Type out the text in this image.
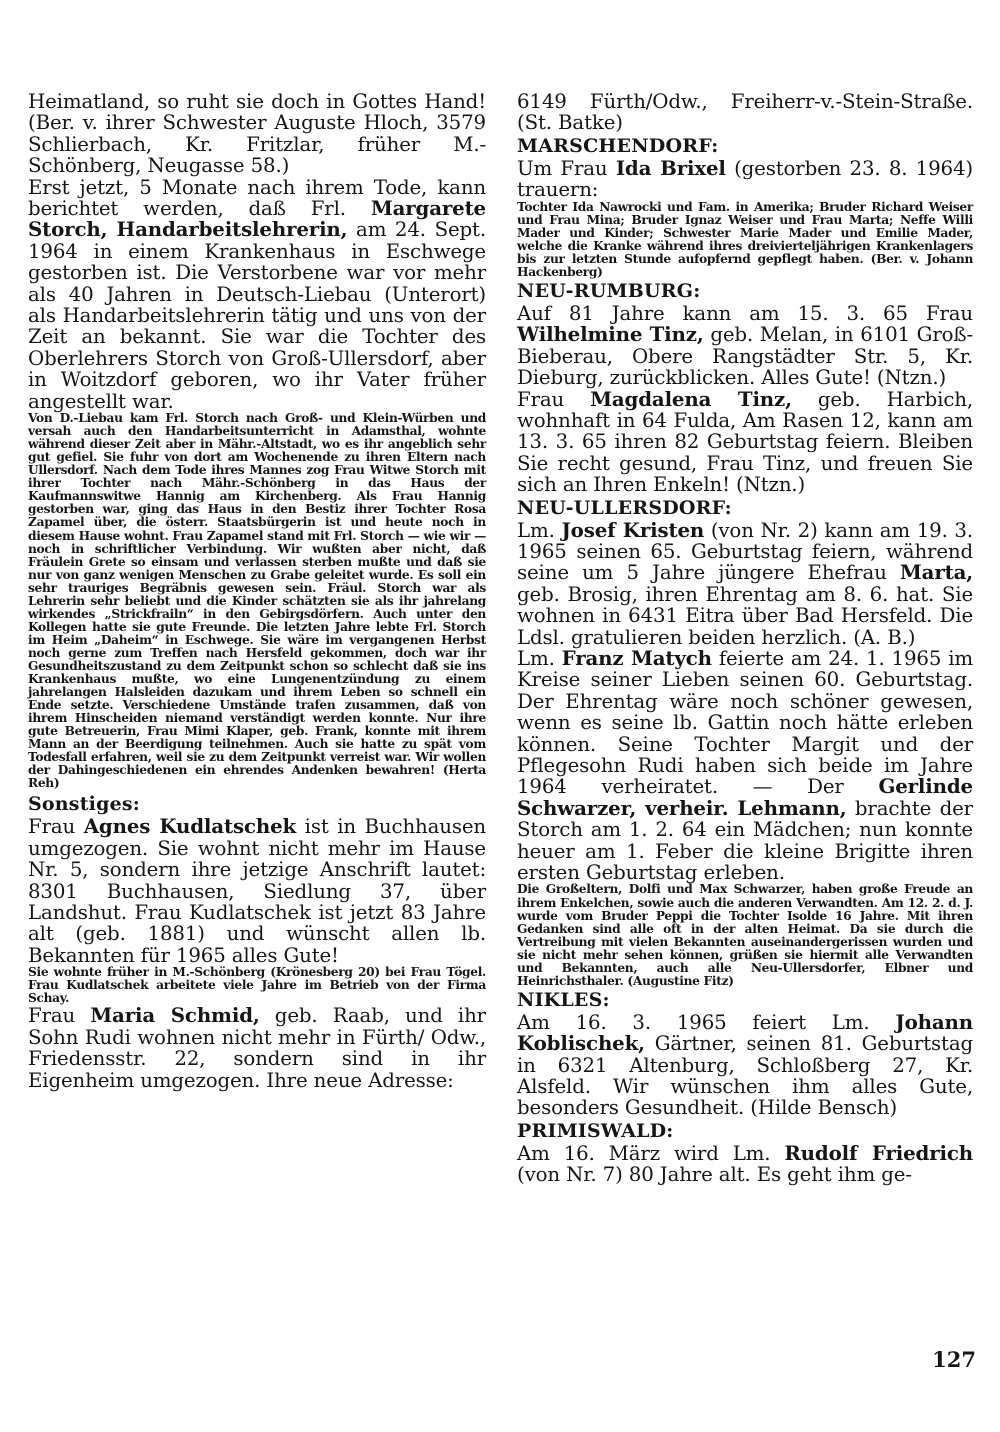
Heimatland, so ruht sie doch in Gottes Hand! (Ber. v. ihrer Schwester Auguste Hloch, 3579 Schlierbach, Kr. Fritzlar, früher M.-Schönberg, Neugasse 58.)

Erst jetzt, 5 Monate nach ihrem Tode, kann berichtet werden, daß Frl. Margarete Storch, Handarbeitslehrerin, am 24. Sept. 1964 in einem Krankenhaus in Eschwege gestorben ist. Die Verstorbene war vor mehr als 40 Jahren in Deutsch-Liebau (Unterort) als Handarbeitslehrerin tätig und uns von der Zeit an bekannt. Sie war die Tochter des Oberlehrers Storch von Groß-Ullersdorf, aber in Woitzdorf geboren, wo ihr Vater früher angestellt war.

Von D.-Liebau kam Frl. Storch nach Groß- und Klein-Würben und versah auch den Handarbeitsunterricht in Adamsthal, wohnte während dieser Zeit aber in Mähr.-Altstadt, wo es ihr angeblich sehr gut gefiel. Sie fuhr von dort am Wochenende zu ihren Eltern nach Ullersdorf. Nach dem Tode ihres Mannes zog Frau Witwe Storch mit ihrer Tochter nach Mähr.-Schönberg in das Haus der Kaufmannswitwe Hannig am Kirchenberg. Als Frau Hannig gestorben war, ging das Haus in den Bestiz ihrer Tochter Rosa Zapamel über, die österr. Staatsbürgerin ist und heute noch in diesem Hause wohnt. Frau Zapamel stand mit Frl. Storch — wie wir — noch in schriftlicher Verbindung. Wir wußten aber nicht, daß Fräulein Grete so einsam und verlassen sterben mußte und daß sie nur von ganz wenigen Menschen zu Grabe geleitet wurde. Es soll ein sehr trauriges Begräbnis gewesen sein. Fräul. Storch war als Lehrerin sehr beliebt und die Kinder schätzten sie als ihr jahrelang wirkendes „Strickfrailn“ in den Gebirgsdörfern. Auch unter den Kollegen hatte sie gute Freunde. Die letzten Jahre lebte Frl. Storch im Heim „Daheim“ in Eschwege. Sie wäre im vergangenen Herbst noch gerne zum Treffen nach Hersfeld gekommen, doch war ihr Gesundheitszustand zu dem Zeitpunkt schon so schlecht daß sie ins Krankenhaus mußte, wo eine Lungenentzündung zu einem jahrelangen Halsleiden dazukam und ihrem Leben so schnell ein Ende setzte. Verschiedene Umstände trafen zusammen, daß von ihrem Hinscheiden niemand verständigt werden konnte. Nur ihre gute Betreuerin, Frau Mimi Klaper, geb. Frank, konnte mit ihrem Mann an der Beerdigung teilnehmen. Auch sie hatte zu spät vom Todesfall erfahren, weil sie zu dem Zeitpunkt verreist war. Wir wollen der Dahingeschiedenen ein ehrendes Andenken bewahren! (Herta Reh)

Sonstiges:

Frau Agnes Kudlatschek ist in Buchhausen umgezogen. Sie wohnt nicht mehr im Hause Nr. 5, sondern ihre jetzige Anschrift lautet: 8301 Buchhausen, Siedlung 37, über Landshut. Frau Kudlatschek ist jetzt 83 Jahre alt (geb. 1881) und wünscht allen lb. Bekannten für 1965 alles Gute!

Sie wohnte früher in M.-Schönberg (Krönesberg 20) bei Frau Tögel. Frau Kudlatschek arbeitete viele Jahre im Betrieb von der Firma Schay.

Frau Maria Schmid, geb. Raab, und ihr Sohn Rudi wohnen nicht mehr in Fürth/ Odw., Friedensstr. 22, sondern sind in ihr Eigenheim umgezogen. Ihre neue Adresse:

6149 Fürth/Odw., Freiherr-v.-Stein-Straße. (St. Batke)

MARSCHENDORF:

Um Frau Ida Brixel (gestorben 23. 8. 1964) trauern:

Tochter Ida Nawrocki und Fam. in Amerika; Bruder Richard Weiser und Frau Mina; Bruder Ignaz Weiser und Frau Marta; Neffe Willi Mader und Kinder; Schwester Marie Mader und Emilie Mader, welche die Kranke während ihres dreivierteljährigen Krankenlagers bis zur letzten Stunde aufopfernd gepflegt haben. (Ber. v. Johann Hackenberg)

NEU-RUMBURG:

Auf 81 Jahre kann am 15. 3. 65 Frau Wilhelmine Tinz, geb. Melan, in 6101 Groß-Bieberau, Obere Rangstädter Str. 5, Kr. Dieburg, zurückblicken. Alles Gute! (Ntzn.)

Frau Magdalena Tinz, geb. Harbich, wohnhaft in 64 Fulda, Am Rasen 12, kann am 13. 3. 65 ihren 82 Geburtstag feiern. Bleiben Sie recht gesund, Frau Tinz, und freuen Sie sich an Ihren Enkeln! (Ntzn.)

NEU-ULLERSDORF:

Lm. Josef Kristen (von Nr. 2) kann am 19. 3. 1965 seinen 65. Geburtstag feiern, während seine um 5 Jahre jüngere Ehefrau Marta, geb. Brosig, ihren Ehrentag am 8. 6. hat. Sie wohnen in 6431 Eitra über Bad Hersfeld. Die Ldsl. gratulieren beiden herzlich. (A. B.)

Lm. Franz Matych feierte am 24. 1. 1965 im Kreise seiner Lieben seinen 60. Geburtstag. Der Ehrentag wäre noch schöner gewesen, wenn es seine lb. Gattin noch hätte erleben können. Seine Tochter Margit und der Pflegesohn Rudi haben sich beide im Jahre 1964 verheiratet. — Der Gerlinde Schwarzer, verheir. Lehmann, brachte der Storch am 1. 2. 64 ein Mädchen; nun konnte heuer am 1. Feber die kleine Brigitte ihren ersten Geburtstag erleben.

Die Großeltern, Dolfi und Max Schwarzer, haben große Freude an ihrem Enkelchen, sowie auch die anderen Verwandten. Am 12. 2. d. J. wurde vom Bruder Peppi die Tochter Isolde 16 Jahre. Mit ihren Gedanken sind alle oft in der alten Heimat. Da sie durch die Vertreibung mit vielen Bekannten auseinandergerissen wurden und sie nicht mehr sehen können, grüßen sie hiermit alle Verwandten und Bekannten, auch alle Neu-Ullersdorfer, Elbner und Heinrichsthaler. (Augustine Fitz)

NIKLES:

Am 16. 3. 1965 feiert Lm. Johann Koblischek, Gärtner, seinen 81. Geburtstag in 6321 Altenburg, Schloßberg 27, Kr. Alsfeld. Wir wünschen ihm alles Gute, besonders Gesundheit. (Hilde Bensch)

PRIMISWALD:

Am 16. März wird Lm. Rudolf Friedrich (von Nr. 7) 80 Jahre alt. Es geht ihm ge-

127
